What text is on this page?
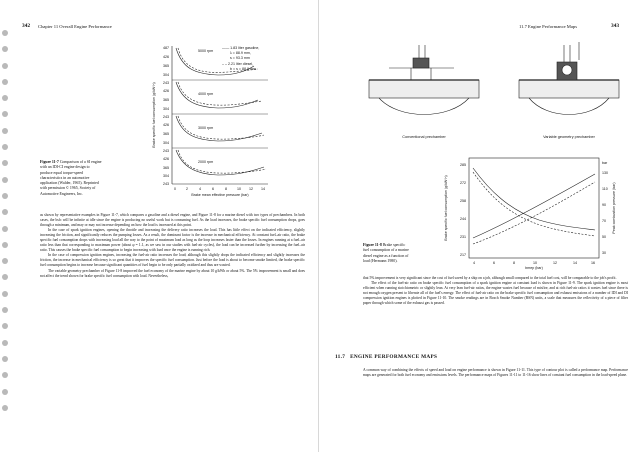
342 Chapter 11 Overall Engine Performance
Figure 11-7 Comparison of a SI engine
with an IDI-CI engine design to
produce equal torque-speed
characteristics in an automotive
application (Walder, 1965). Reprinted
with permission © 1965, Society of
Automotive Engineers, Inc.
487
426
365
304
243
426
365
304
243
426
365
304
243
426
365
304
243
5000 rpm
4000 rpm
3000 rpm
2000 rpm
—— 1.83 liter gasoline,
λ = 88.9 mm,
s = 93.3 mm
– – 2.21 liter diesel,
b = s = 88.9 mm
0	2	4	6	8	10 12 14
Brake mean effective pressure (bar)
Brake specific fuel consumption (g/kW·h)

as shown by representative examples in Figure 11-7, which compares a gasoline and a diesel engine, and Figure 11-8 for a marine diesel with two types of prechambers. In both cases, the bsfc will be infinite at idle since the engine is producing no useful work but is consuming fuel. As the load increases, the brake specific fuel consumption drops, goes through a minimum, and may or may not increase depending on how the load is increased at this point.

In the case of spark ignition engines, opening the throttle and increasing the delivery ratio increases the load. This has little effect on the indicated efficiency, slightly increasing the friction, and significantly reduces the pumping losses. As a result, the dominant factor is the increase in mechanical efficiency. At constant fuel–air ratio, the brake specific fuel consumption drops with increasing load all the way to the point of maximum load as long as the loop increases faster than the losses. In engines running at a fuel–air ratio less than that corresponding to maximum power (about φ = 1.1, as we saw in our studies with fuel-air cycles), the load can be increased further by increasing the fuel–air ratio. This causes the brake specific fuel consumption to begin increasing with load once the engine is running rich.

In the case of compression ignition engines, increasing the fuel-air ratio increases the load; although this slightly drops the indicated efficiency and slightly increases the friction, the increase in mechanical efficiency is so great that it improves the specific fuel consumption. Just before the load is about to become smoke limited, the brake specific fuel consumption begins to increase because significant quantities of fuel begin to be only partially oxidized and thus are wasted.

The variable geometry prechamber of Figure 11-8 improved the fuel economy of the marine engine by about 10 g/kWh or about 5%. The 5% improvement is small and does not affect the trend shown for brake specific fuel consumption with load. Nevertheless,

11.7 Engine Performance Maps	343
Conventional prechamber	Variable geometry prechamber
Figure 11-8 Brake specific
fuel consumption of a marine
diesel engine as a function of
load (Hermann 1980).
285
272
258
244
231
217
bar
130
110
90
70
50
30
4	6	8	10	12	14	16
bmep (bar)
Brake specific fuel consumption (g/kW·h)	Peak combustion pressure (bar)

that 5% improvement is very significant since the cost of fuel saved by a ship on a job, although small compared to the total fuel cost, will be comparable to the job's profit.

The effect of the fuel-air ratio on brake specific fuel consumption of a spark ignition engine at constant load is shown in Figure 11-9. The spark ignition engine is most efficient when running stoichiometric or slightly lean. At very lean fuel-air ratios, the engine wastes fuel because of misfire, and at rich fuel-air ratios it wastes fuel since there is not enough oxygen present to liberate all of the fuel's energy. The effect of fuel-air ratio on the brake specific fuel consumption and exhaust emissions of a number of IDI and DI compression ignition engines is plotted in Figure 11-10. The smoke readings are in Bosch Smoke Number (BSN) units, a scale that measures the reflectivity of a piece of filter paper through which some of the exhaust gas is passed.

11.7 ENGINE PERFORMANCE MAPS

A common way of combining the effects of speed and load on engine performance is shown in Figure 11-11. This type of contour plot is called a performance map. Performance maps are generated for both fuel economy and emissions levels. The performance maps of Figures 11-11 to 11-16 show lines of constant fuel consumption in the load-speed plane.
